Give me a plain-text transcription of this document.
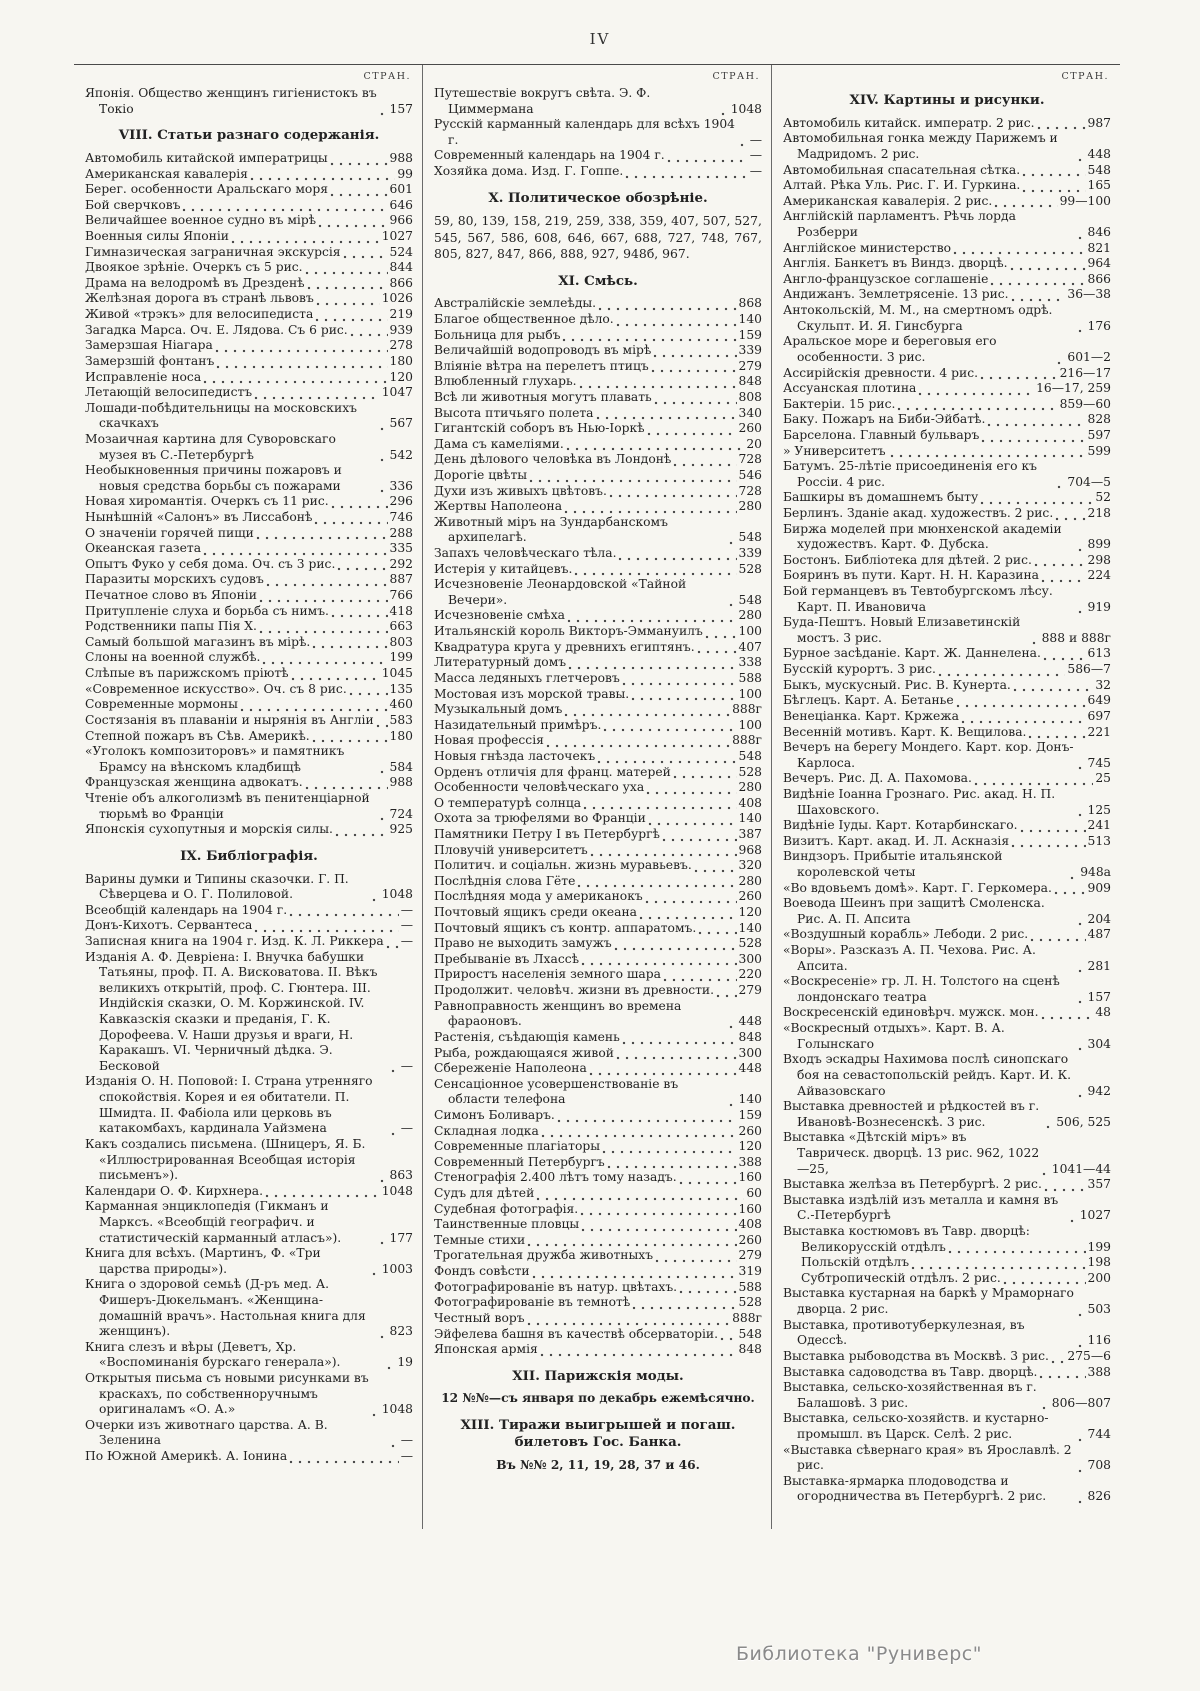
IV
СТРАН.
Японія. Общество женщинъ гигіенистокъ въ Токіо	157
VIII. Статьи разнаго содержанія.
Автомобиль китайской императрицы	988
Американская кавалерія	99
Берег. особенности Аральскаго моря	601
Бой сверчковъ	646
Величайшее военное судно въ мірѣ	966
Военныя силы Японіи	1027
Гимназическая заграничная экскурсія	524
Двоякое зрѣніе. Очеркъ съ 5 рис.	844
Драма на велодромѣ въ Дрезденѣ	866
Желѣзная дорога въ странѣ львовъ	1026
Живой «трэкъ» для велосипедиста	219
Загадка Марса. Оч. Е. Лядова. Съ 6 рис.	939
Замерзшая Ніагара	278
Замерзшій фонтанъ	180
Исправленіе носа	120
Летающій велосипедистъ	1047
Лошади-побѣдительницы на московскихъ скачкахъ	567
Мозаичная картина для Суворовскаго музея въ С.-Петербургѣ	542
Необыкновенныя причины пожаровъ и новыя средства борьбы съ пожарами	336
Новая хиромантія. Очеркъ съ 11 рис.	296
Нынѣшній «Салонъ» въ Лиссабонѣ	746
О значеніи горячей пищи	288
Океанская газета	335
Опытъ Фуко у себя дома. Оч. съ 3 рис.	292
Паразиты морскихъ судовъ	887
Печатное слово въ Японіи	766
Притупленіе слуха и борьба съ нимъ.	418
Родственники папы Пія X.	663
Самый большой магазинъ въ мірѣ.	803
Слоны на военной службѣ.	199
Слѣпые въ парижскомъ пріютѣ	1045
«Современное искусство». Оч. съ 8 рис.	135
Современные мормоны	460
Состязанія въ плаваніи и нырянія въ Англіи 583
Степной пожаръ въ Сѣв. Америкѣ.	180
«Уголокъ композиторовъ» и памятникъ Брамсу на вѣнскомъ кладбищѣ	584
Французская женщина адвокатъ.	988
Чтеніе объ алкоголизмѣ въ пенитенціарной тюрьмѣ во Франціи	724
Японскія сухопутныя и морскія силы.	925
IX. Библіографія.
Варины думки и Типины сказочки. Г. П. Сѣверцева и О. Г. Полиловой.	1048
Всеобщій календарь на 1904 г.	—
Донъ-Кихотъ. Сервантеса	—
Записная книга на 1904 г. Изд. К. Л. Риккера —
Изданія А. Ф. Девріена: I. Внучка бабушки Татьяны, проф. П. А. Висковатова. II. Вѣкъ великихъ открытій, проф. С. Гюнтера. III. Индійскія сказки, О. М. Коржинской. IV. Кавказскія сказки и преданія, Г. К. Дорофеева. V. Наши друзья и враги, Н. Каракашъ. VI. Черничный дѣдка. Э. Бесковой	—
Изданія О. Н. Поповой: I. Страна утренняго спокойствія. Корея и ея обитатели. П. Шмидта. II. Фабіола или церковь въ катакомбахъ, кардинала Уайзмена	—
Какъ создались письмена. (Шницеръ, Я. Б. «Иллюстрированная Всеобщая исторія письменъ»).	863
Календари О. Ф. Кирхнера.	1048
Карманная энциклопедія (Гикманъ и Марксъ. «Всеобщій географич. и статистическій карманный атласъ»).	177
Книга для всѣхъ. (Мартинъ, Ф. «Три царства природы»).	1003
Книга о здоровой семьѣ (Д-ръ мед. А. Фишеръ-Дюкельманъ. «Женщина-домашній врачъ». Настольная книга для женщинъ).	823
Книга слезъ и вѣры (Деветъ, Хр. «Воспоминанія бурскаго генерала»).	19
Открытыя письма съ новыми рисунками въ краскахъ, по собственноручнымъ оригиналамъ «О. А.»	1048
Очерки изъ животнаго царства. А. В. Зеленина	—
По Южной Америкѣ. А. Іонина	—
СТРАН.
Путешествіе вокругъ свѣта. Э. Ф. Циммермана	1048
Русскій карманный календарь для всѣхъ 1904 г.	—
Современный календарь на 1904 г.	—
Хозяйка дома. Изд. Г. Гоппе.	—
X. Политическое обозрѣніе.
59, 80, 139, 158, 219, 259, 338, 359, 407, 507, 527, 545, 567, 586, 608, 646, 667, 688, 727, 748, 767, 805, 827, 847, 866, 888, 927, 948б, 967.
XI. Смѣсь.
Австралійскіе землеѣды.	868
Благое общественное дѣло.	140
Больница для рыбъ	159
Величайшій водопроводъ въ мірѣ	339
Вліяніе вѣтра на перелетъ птицъ	279
Влюбленный глухарь.	848
Всѣ ли животныя могутъ плавать	808
Высота птичьяго полета	340
Гигантскій соборъ въ Нью-Іоркѣ	260
Дама съ камеліями.	20
День дѣлового человѣка въ Лондонѣ	728
Дорогіе цвѣты	546
Духи изъ живыхъ цвѣтовъ.	728
Жертвы Наполеона	280
Животный міръ на Зундарбанскомъ архипелагѣ.	548
Запахъ человѣческаго тѣла.	339
Истерія у китайцевъ.	528
Исчезновеніе Леонардовской «Тайной Вечери».	548
Исчезновеніе смѣха	280
Итальянскій король Викторъ-Эммануилъ	100
Квадратура круга у древнихъ египтянъ.	407
Литературный домъ	338
Масса ледяныхъ глетчеровъ	588
Мостовая изъ морской травы.	100
Музыкальный домъ	888г
Назидательный примѣръ.	100
Новая профессія	888г
Новыя гнѣзда ласточекъ	548
Орденъ отличія для франц. матерей	528
Особенности человѣческаго уха	280
О температурѣ солнца	408
Охота за трюфелями во Франціи	140
Памятники Петру I въ Петербургѣ	387
Пловучій университетъ	968
Политич. и соціальн. жизнь муравьевъ.	320
Послѣднія слова Гёте	280
Послѣдняя мода у американокъ	260
Почтовый ящикъ среди океана	120
Почтовый ящикъ съ контр. аппаратомъ.	140
Право не выходить замужъ	528
Пребываніе въ Лхассѣ	300
Приростъ населенія земного шара	220
Продолжит. человѣч. жизни въ древности. 279
Равноправность женщинъ во времена фараоновъ.	448
Растенія, съѣдающія камень	848
Рыба, рождающаяся живой	300
Сбереженіе Наполеона	448
Сенсаціонное усовершенствованіе въ области телефона	140
Симонъ Боливаръ.	159
Складная лодка	260
Современные плагіаторы	120
Современный Петербургъ	388
Стенографія 2.400 лѣтъ тому назадъ.	160
Судъ для дѣтей	60
Судебная фотографія.	160
Таинственные пловцы	408
Темные стихи	260
Трогательная дружба животныхъ	279
Фондъ совѣсти	319
Фотографированіе въ натур. цвѣтахъ.	588
Фотографированіе въ темнотѣ	528
Честный воръ	888г
Эйфелева башня въ качествѣ обсерваторіи. 548
Японская армія	848
XII. Парижскія моды.
12 №№—съ января по декабрь ежемѣсячно.
XIII. Тиражи выигрышей и погаш. билетовъ Гос. Банка.
Въ №№ 2, 11, 19, 28, 37 и 46.
СТРАН.
XIV. Картины и рисунки.
Автомобиль китайск. императр. 2 рис.	987
Автомобильная гонка между Парижемъ и Мадридомъ. 2 рис.	448
Автомобильная спасательная сѣтка.	548
Алтай. Рѣка Уль. Рис. Г. И. Гуркина.	165
Американская кавалерія. 2 рис.	99—100
Англійскій парламентъ. Рѣчь лорда Розберри	846
Англійское министерство	821
Англія. Банкетъ въ Виндз. дворцѣ.	964
Англо-французское соглашеніе	866
Андижанъ. Землетрясеніе. 13 рис.	36—38
Антокольскій, М. М., на смертномъ одрѣ. Скульпт. И. Я. Гинсбурга	176
Аральское море и береговыя его особенности. 3 рис.	601—2
Ассирійскія древности. 4 рис.	216—17
Ассуанская плотина	16—17, 259
Бактеріи. 15 рис.	859—60
Баку. Пожаръ на Биби-Эйбатѣ.	828
Барселона. Главный бульваръ	597
» Университетъ	599
Батумъ. 25-лѣтіе присоединенія его къ Россіи. 4 рис.	704—5
Башкиры въ домашнемъ быту	52
Берлинъ. Зданіе акад. художествъ. 2 рис.	218
Биржа моделей при мюнхенской академіи художествъ. Карт. Ф. Дубска.	899
Бостонъ. Библіотека для дѣтей. 2 рис.	298
Бояринъ въ пути. Карт. Н. Н. Каразина	224
Бой германцевъ въ Тевтобургскомъ лѣсу. Карт. П. Ивановича	919
Буда-Пештъ. Новый Елизаветинскій мостъ. 3 рис.	888 и 888г
Бурное засѣданіе. Карт. Ж. Даннелена.	613
Бусскій курортъ. 3 рис.	586—7
Быкъ, мускусный. Рис. В. Кунерта.	32
Бѣглецъ. Карт. А. Бетанье	649
Венеціанка. Карт. Кржежа	697
Весенній мотивъ. Карт. К. Вещилова.	221
Вечеръ на берегу Мондего. Карт. кор. Донъ-Карлоса.	745
Вечеръ. Рис. Д. А. Пахомова.	25
Видѣніе Іоанна Грознаго. Рис. акад. Н. П. Шаховского.	125
Видѣніе Іуды. Карт. Котарбинскаго.	241
Визитъ. Карт. акад. И. Л. Аскназія	513
Виндзоръ. Прибытіе итальянской королевской четы	948а
«Во вдовьемъ домѣ». Карт. Г. Геркомера.	909
Воевода Шеинъ при защитѣ Смоленска. Рис. А. П. Апсита	204
«Воздушный корабль» Лебоди. 2 рис.	487
«Воры». Разсказъ А. П. Чехова. Рис. А. Апсита.	281
«Воскресеніе» гр. Л. Н. Толстого на сценѣ лондонскаго театра	157
Воскресенскій единовѣрч. мужск. мон.	48
«Воскресный отдыхъ». Карт. В. А. Голынскаго	304
Входъ эскадры Нахимова послѣ синопскаго боя на севастопольскій рейдъ. Карт. И. К. Айвазовскаго	942
Выставка древностей и рѣдкостей въ г. Ивановѣ-Вознесенскѣ. 3 рис.	506, 525
Выставка «Дѣтскій міръ» въ Таврическ. дворцѣ. 13 рис. 962, 1022—25,	1041—44
Выставка желѣза въ Петербургѣ. 2 рис.	357
Выставка издѣлій изъ металла и камня въ С.-Петербургѣ	1027
Выставка костюмовъ въ Тавр. дворцѣ:
Великорусскій отдѣлъ	199
Польскій отдѣлъ	198
Субтропическій отдѣлъ. 2 рис.	200
Выставка кустарная на баркѣ у Мраморнаго дворца. 2 рис.	503
Выставка, противотуберкулезная, въ Одессѣ.	116
Выставка рыбоводства въ Москвѣ. 3 рис. 275—6
Выставка садоводства въ Тавр. дворцѣ.	388
Выставка, сельско-хозяйственная въ г. Балашовѣ. 3 рис.	806—807
Выставка, сельско-хозяйств. и кустарно-промышл. въ Царск. Селѣ. 2 рис.	744
«Выставка сѣвернаго края» въ Ярославлѣ. 2 рис.	708
Выставка-ярмарка плодоводства и огородничества въ Петербургѣ. 2 рис.	826
Библиотека "Руниверс"
